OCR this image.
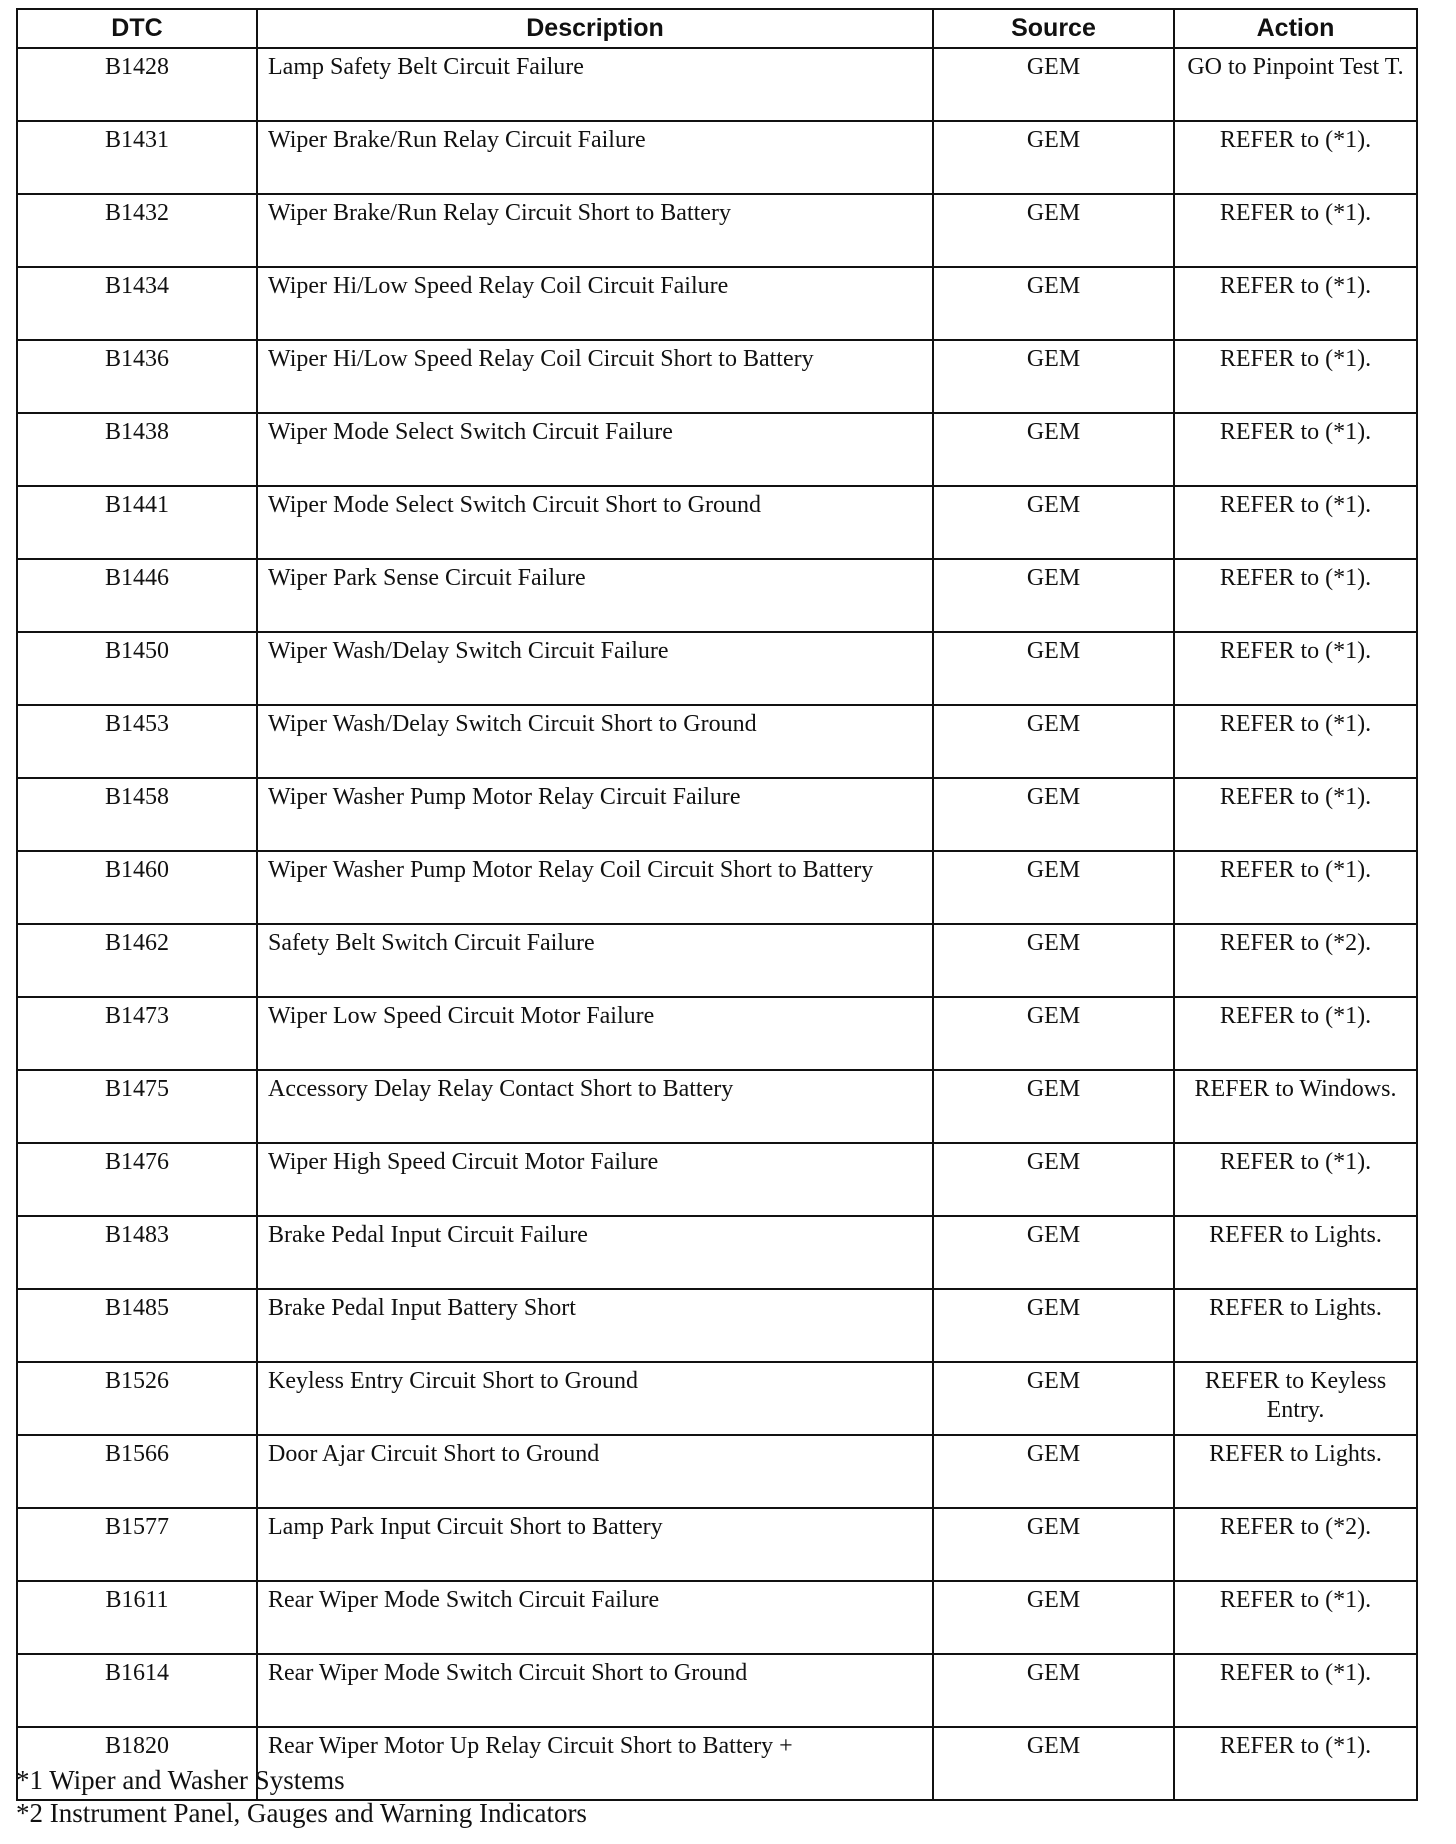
DTC	Description	Source	Action
B1428	Lamp Safety Belt Circuit Failure	GEM	GO to Pinpoint Test T.
B1431	Wiper Brake/Run Relay Circuit Failure	GEM	REFER to (*1).
B1432	Wiper Brake/Run Relay Circuit Short to Battery	GEM	REFER to (*1).
B1434	Wiper Hi/Low Speed Relay Coil Circuit Failure	GEM	REFER to (*1).
B1436	Wiper Hi/Low Speed Relay Coil Circuit Short to Battery	GEM	REFER to (*1).
B1438	Wiper Mode Select Switch Circuit Failure	GEM	REFER to (*1).
B1441	Wiper Mode Select Switch Circuit Short to Ground	GEM	REFER to (*1).
B1446	Wiper Park Sense Circuit Failure	GEM	REFER to (*1).
B1450	Wiper Wash/Delay Switch Circuit Failure	GEM	REFER to (*1).
B1453	Wiper Wash/Delay Switch Circuit Short to Ground	GEM	REFER to (*1).
B1458	Wiper Washer Pump Motor Relay Circuit Failure	GEM	REFER to (*1).
B1460	Wiper Washer Pump Motor Relay Coil Circuit Short to Battery	GEM	REFER to (*1).
B1462	Safety Belt Switch Circuit Failure	GEM	REFER to (*2).
B1473	Wiper Low Speed Circuit Motor Failure	GEM	REFER to (*1).
B1475	Accessory Delay Relay Contact Short to Battery	GEM	REFER to Windows.
B1476	Wiper High Speed Circuit Motor Failure	GEM	REFER to (*1).
B1483	Brake Pedal Input Circuit Failure	GEM	REFER to Lights.
B1485	Brake Pedal Input Battery Short	GEM	REFER to Lights.
B1526	Keyless Entry Circuit Short to Ground	GEM	REFER to Keyless Entry.
B1566	Door Ajar Circuit Short to Ground	GEM	REFER to Lights.
B1577	Lamp Park Input Circuit Short to Battery	GEM	REFER to (*2).
B1611	Rear Wiper Mode Switch Circuit Failure	GEM	REFER to (*1).
B1614	Rear Wiper Mode Switch Circuit Short to Ground	GEM	REFER to (*1).
B1820	Rear Wiper Motor Up Relay Circuit Short to Battery +	GEM	REFER to (*1).
*1 Wiper and Washer Systems
*2 Instrument Panel, Gauges and Warning Indicators
